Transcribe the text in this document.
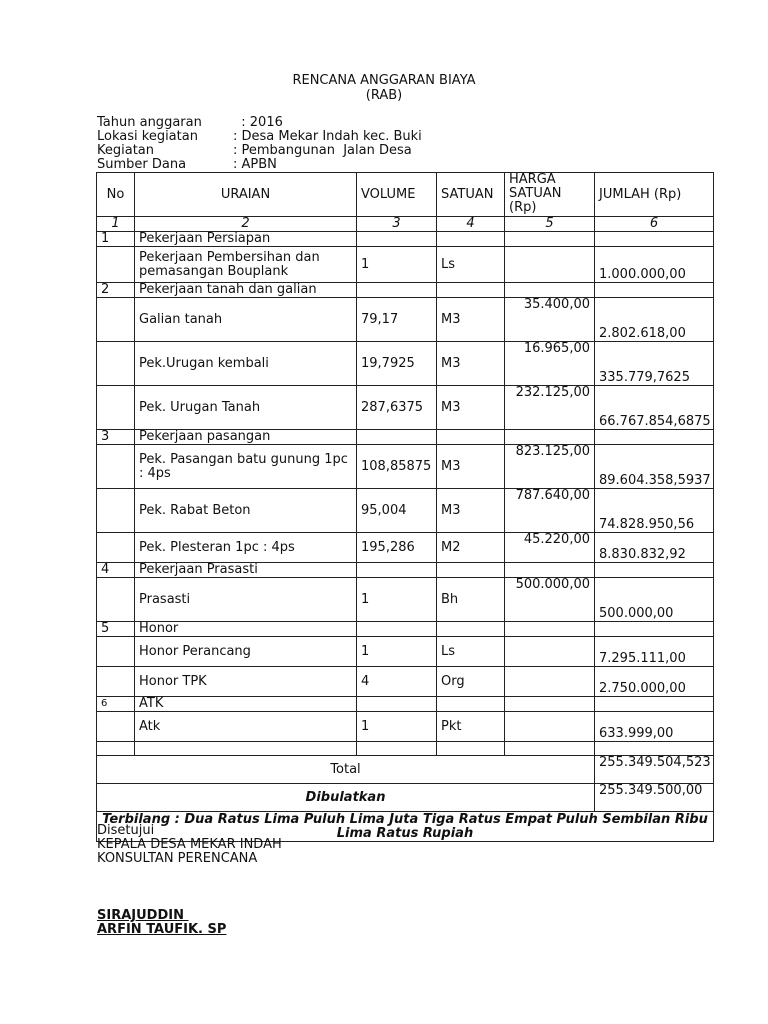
RENCANA ANGGARAN BIAYA
(RAB)
Tahun anggaran  : 2016
Lokasi kegiatan	: Desa Mekar Indah kec. Buki
Kegiatan	: Pembangunan  Jalan Desa
Sumber Dana	: APBN
No	URAIAN	VOLUME	SATUAN	HARGA SATUAN (Rp)	JUMLAH (Rp)
1	2	3	4	5	6
1	Pekerjaan Persiapan				
	Pekerjaan Pembersihan dan pemasangan Bouplank	1	Ls		1.000.000,00
2	Pekerjaan tanah dan galian				
	Galian tanah	79,17	M3	35.400,00	2.802.618,00
	Pek.Urugan kembali	19,7925	M3	16.965,00	335.779,7625
	Pek. Urugan Tanah	287,6375	M3	232.125,00	66.767.854,6875
3	Pekerjaan pasangan				
	Pek. Pasangan batu gunung 1pc : 4ps	108,85875	M3	823.125,00	89.604.358,5937
	Pek. Rabat Beton	95,004	M3	787.640,00	74.828.950,56
	Pek. Plesteran 1pc : 4ps	195,286	M2	45.220,00	8.830.832,92
4	Pekerjaan Prasasti				
	Prasasti	1	Bh	500.000,00	500.000,00
5	Honor				
	Honor Perancang	1	Ls		7.295.111,00
	Honor TPK	4	Org		2.750.000,00
6	ATK				
	Atk	1	Pkt		633.999,00

Total					255.349.504,523
Dibulatkan					255.349.500,00
Terbilang : Dua Ratus Lima Puluh Lima Juta Tiga Ratus Empat Puluh Sembilan Ribu Lima Ratus Rupiah					
Disetujui
KEPALA DESA MEKAR INDAH
KONSULTAN PERENCANA
SIRAJUDDIN
ARFIN TAUFIK. SP
